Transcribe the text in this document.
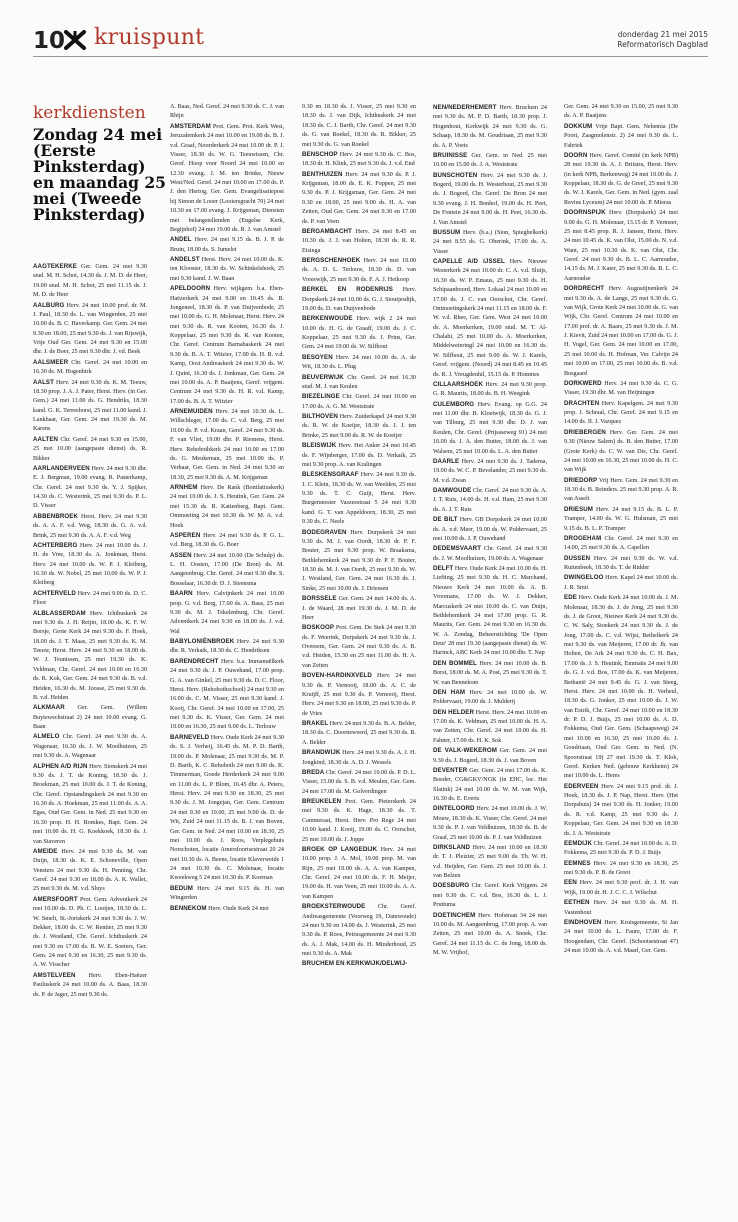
10 kruispunt	donderdag 21 mei 2015
Reformatorisch Dagblad
kerkdiensten
Zondag 24 mei (Eerste Pinksterdag) en maandag 25 mei (Tweede Pinksterdag)

AAGTEKERKE Ger. Gem. 24 mei 9.30 stud. M. H. Schot, 14.30 ds. J. M. D. de Heer, 19.00 stud. M. H. Schot, 25 mei 11.15 ds. J. M. D. de Heer

AALBURG Herv. 24 mei 10.00 prof. dr. M. J. Paul, 18.30 ds. L. van Wingerden, 25 mei 10.00 ds. B. C. Haverkamp. Ger. Gem. 24 mei 9.30 en 18.00, 25 mei 9.30 ds. J. van Rijswijk, Vrije Oud Ger. Gem. 24 mei 9.30 en 15.00 dhr. J. de Boer, 25 mei 9.30 dhr. J. vd. Beek

AALSMEER Chr. Geref. 24 mei 10.00 en 16.30 ds. M. Hogenbirk

AALST Herv. 24 mei 9.30 ds. K. M. Teeuw, 18.30 prop. J. A. J. Pater, Herst. Herv. (in Ger. Gem.) 24 mei 11.00 ds. G. Hendriks, 18.30 kand. G. K. Terreehorst, 25 mei 11.00 kand. J. Lankhaar, Ger. Gem. 24 mei 19.30 ds. M. Karens

AALTEN Chr. Geref. 24 mei 9.30 en 15.00, 25 mei 10.00 (aangepaste dienst) ds. R. Bikker

AARLANDERVEEN Herv. 24 mei 9.30 dhr. E. J. Bergman, 19.00 evang. R. Pasterkamp, Chr. Geref. 24 mei 9.30 ds. Y. J. Spijker, 14.30 ds. C. Westerink, 25 mei 9.30 ds. P. L. D. Visser

ABBENBROEK Herst. Herv. 24 mei 9.30 ds. A. A. F. v.d. Weg, 18.30 ds. G. A. v.d. Brink, 25 mei 9.30 ds. A. A. F. v.d. Weg

ACHTERBERG Herv. 24 mei 10.00 ds. J. H. de Vree, 18.30 ds. A. Jonkman, Herst. Herv. 24 mei 10.00 ds. W. P. J. Kleiberg, 16.30 ds. W. Nobel, 25 mei 10.00 ds. W. P. J. Kleiberg

ACHTERVELD Herv. 24 mei 9.00 ds. D. C. Floor

ALBLASSERDAM Herv. Ichthuskerk 24 mei 9.30 ds. J. H. Reijm, 18.00 ds. K. F. W. Borsje, Grote Kerk 24 mei 9.30 ds. F. Hoek, 18.00 ds. J. T. Maas, 25 mei 9.30 ds. K. M. Teeuw, Herst. Herv. 24 mei 9.30 en 18.00 ds. W. J. Teunissen, 25 mei 19.30 ds. K. Veldman, Chr. Geref. 24 mei 10.00 en 16.30 ds. R. Kok, Ger. Gem. 24 mei 9.30 ds. B. v.d. Heiden, 16.30 ds. M. Joosse, 25 mei 9.30 ds. B. v.d. Heiden

ALKMAAR Ger. Gem. (Willem Buytewechstraat 2) 24 mei 10.00 evang. G. Baan

ALMELO Chr. Geref. 24 mei 9.30 ds. A. Wagenaar, 16.30 ds. J. W. Moolhuizen, 25 mei 9.30 ds. A. Wagenaar

ALPHEN A/D RIJN Herv. Sionskerk 24 mei 9.30 ds. J. T. de Koning, 18.30 ds. J. Broekman, 25 mei 10.00 ds. J. T. de Koning, Chr. Geref. Opstandingskerk 24 mei 9.30 en 16.30 ds. A. Hoekman, 25 mei 11.00 ds. A. A. Egas, Oud Ger. Gem. in Ned. 25 mei 9.30 en 16.30 prop. H. H. Romkes, Bapt. Gem. 24 mei 10.00 ds. H. G. Koekkoek, 18.30 ds. J. van Staveren

AMEIDE Herv. 24 mei 9.30 ds. M. van Duijn, 18.30 ds. K. E. Schoneville, Open Vensters 24 mei 9.30 ds. H. Penning, Chr. Geref. 24 mei 9.30 en 18.00 ds. A. K. Wallet, 25 mei 9.30 ds. M. v.d. Sluys

AMERSFOORT Prot. Gem. Adventkerk 24 mei 10.00 ds. D. Ph. C. Looijen, 18.30 ds. L. W. Smelt, St.-Joriskerk 24 mei 9.30 ds. J. W. Dekker, 18.00 ds. C. W. Rentier, 25 mei 9.30 ds. J. Westland, Chr. Geref. Ichthuskerk 24 mei 9.30 en 17.00 ds. R. W. E. Soeters, Ger. Gem. 24 mei 9.30 en 16.30, 25 mei 9.30 ds. A. W. Visscher

AMSTELVEEN Herv. Eben-Haëzer Pauluskerk 24 mei 10.00 ds. A. Baas, 18.30 ds. P. de Jager, 25 mei 9.30 ds.

A. Baas, Ned. Geref. 24 mei 9.30 ds. C. J. van Rhijn

AMSTERDAM Prot. Gem. Prot. Kerk West, Jeruzalemkerk 24 mei 10.00 en 19.00 ds. B. J. v.d. Graaf, Noorderkerk 24 mei 10.00 dr. P. J. Visser, 18.30 ds. W. G. Teeuwissen, Chr. Geref. Hoop voor Noord 24 mei 10.00 en 12.30 evang. J. M. ten Brinke, Nieuw West/Ned. Geref. 24 mei 10.00 en 17.00 ds. P. J. den Hertog, Ger. Gem. Evangelisatiepost bij Simon de Looer (Looiersgracht 70) 24 mei 10.30 en 17.00 evang. J. Krijgsman, Diensten met belangstellenden (Engelse Kerk, Begijnhof) 24 mei 19.00 ds. R. J. van Amstel

ANDEL Herv. 24 mei 9.15 ds. B. J. P. de Bruin, 18.00 ds. S. Jumelet

ANDELST Herst. Herv. 24 mei 10.00 ds. K. ten Klooster, 18.30 ds. W. Schinkelshoek, 25 mei 9.30 kand. J. W. Baan

APELDOORN Herv. wijkgem. b.a. Eben-Haëzerkerk 24 mei 9.00 en 10.45 ds. B. Jongeneel, 18.30 ds. P. van Duijvenbode, 25 mei 10.00 ds. G. H. Molenaar, Herst. Herv. 24 mei 9.30 ds. R. van Kooten, 16.30 ds. J. Koppelaar, 25 mei 9.30 ds. R. van Kooten, Chr. Geref. Centrum Barnabaskerk 24 mei 9.30 ds. B. A. T. Witzier, 17.00 ds. H. R. v.d. Kamp, Oost Andreaskerk 24 mei 9.30 ds. W. J. Quint, 16.30 ds. J. Jonkman, Ger. Gem. 24 mei 10.00 ds. A. P. Baaijens, Geref. vrijgem. Centrum 24 mei 9.30 ds. H. R. v.d. Kamp, 17.00 ds. B. A. T. Witzier

ARNEMUIDEN Herv. 24 mei 10.30 ds. L. Willschleger, 17.00 ds. C. v.d. Berg, 25 mei 10.00 ds. P. v.d. Kraan, Geref. 24 mei 9.30 ds. F. van Vliet, 19.00 dhr. P. Riemens, Herst. Herv. Rehobothkerk 24 mei 10.00 en 17.00 ds. G. Meukeman, 25 mei 10.00 ds. P. Verhaar, Ger. Gem. in Ned. 24 mei 9.30 en 18.30, 25 mei 9.30 ds. A. M. Krijgsman

ARNHEM Herv. De Rank (Bonifatiuskerk) 24 mei 10.00 ds. J. S. Heutink, Ger. Gem. 24 mei 15.30 ds. R. Kattenberg, Bapt. Gem. Ontmoeting 24 mei 10.30 ds. W. M. A. v.d. Hoek

ASPEREN Herv. 24 mei 9.30 ds. P. G. L. v.d. Berg, 18.30 ds. G. Boer

ASSEN Herv. 24 mei 10.00 (De Schulp) ds. L. H. Oosten, 17.00 (De Bron) ds. M. Aangeenbrug, Chr. Geref. 24 mei 9.30 dhr. S. Bosselaar, 16.30 dr. D. J. Steensma

BAARN Herv. Calvijnkerk 24 mei 10.00 prop. G. v.d. Berg, 17.00 ds. A. Baas, 25 mei 9.30 ds. M. J. Tekelenburg, Chr. Geref. Adventkerk 24 mei 9.30 en 18.00 ds. J. v.d. Wal

BABYLONIËNBROEK Herv. 24 mei 9.30 dhr. R. Verkaik, 18.30 ds. C. Hendriksen

BARENDRECHT Herv. b.a. Immanuëlkerk 24 mei 9.30 ds. J. P. Ouwehand, 17.00 prop. G. A. van Ginkel, 25 mei 9.30 ds. D. C. Floor, Herst. Herv. (Rehobothschool) 24 mei 9.30 en 16.00 ds. C. M. Visser, 25 mei 9.30 kand. J. Kooij, Chr. Geref. 24 mei 10.00 en 17.00, 25 mei 9.30 ds. K. Visser, Ger. Gem. 24 mei 10.00 en 16.30, 25 mei 9.00 ds. L. Terlouw

BARNEVELD Herv. Oude Kerk 24 mei 9.30 ds. S. J. Verheij, 16.45 ds. M. P. D. Barth, 19.00 ds. P. Molenaar, 25 mei 9.30 ds. M. P. D. Barth, K. C. Rehoboth 24 mei 9.00 ds. K. Timmerman, Goede Herderkerk 24 mei 9.00 en 11.00 ds. L. P. Blom, 16.45 dhr. A. Peters, Herst. Herv. 24 mei 9.30 en 18.30, 25 mei 9.30 ds. J. M. Jongejan, Ger. Gem. Centrum 24 mei 9.30 en 19.00, 25 mei 9.00 ds. D. de Wit, Zuid 24 mei 11.15 ds. B. J. van Boven, Ger. Gem. in Ned. 24 mei 10.00 en 18.30, 25 mei 10.00 ds. J. Roos, Verplegehuis Norschoten, locatie Amersfoortsestraat 20 24 mei 10.30 ds. A. Beens, locatie Klaverweide 1 24 mei 10.30 ds. C. Molenaar, locatie Kweekweg 5 24 mei 10.30 ds. P. Koeman

BEDUM Herv. 24 mei 9.15 ds. H. van Wingerden

BENNEKOM Herv. Oude Kerk 24 mei

9.30 en 18.30 ds. J. Visser, 25 mei 9.30 en 18.30 ds. J. van Dijk, Ichthuskerk 24 mei 18.30 ds. C. J. Barth, Chr. Geref. 24 mei 9.30 ds. G. van Roekel, 18.30 ds. R. Bikker, 25 mei 9.30 ds. G. van Roekel

BENSCHOP Herv. 24 mei 9.30 ds. C. Bos, 18.30 dr. H. Klink, 25 mei 9.30 ds. J. v.d. End

BENTHUIZEN Herv. 24 mei 9.30 ds. P. J. Krijgsman, 18.00 ds. E. K. Foppen, 25 mei 9.30 ds. P. J. Krijgsman, Ger. Gem. 24 mei 9.30 en 18.00, 25 mei 9.00 ds. H. A. van Zetten, Oud Ger. Gem. 24 mei 9.30 en 17.00 ds. P. van Veen

BERGAMBACHT Herv. 24 mei 8.45 en 10.30 ds. J. J. van Holten, 18.30 ds. R. R. Eisinga

BERGSCHENHOEK Herv. 24 mei 10.00 ds. A. D. L. Terlouw, 18.30 ds. D. van Vreeswijk, 25 mei 9.30 ds. F. A. J. Heikoop

BERKEL EN RODENRIJS Herv. Dorpskerk 24 mei 10.00 ds. G. J. Stoutjesdijk, 19.00 ds. D. van Duijvenbode

BERKENWOUDE Herv. wijk 2 24 mei 10.00 ds. H. G. de Graaff, 19.00 ds. J. C. Koppelaar, 25 mei 9.30 ds. J. Prins, Ger. Gem. 24 mei 19.00 ds. W. Silfhout

BESOYEN Herv. 24 mei 10.00 ds. A. de Wit, 18.30 ds. L. Plug

BEUVERWIJK Chr. Geref. 24 mei 16.30 stud. M. J. van Keulen

BIEZELINGE Chr. Geref. 24 mei 10.00 en 17.00 ds. A. G. M. Weststrate

BILTHOVEN Herv. Zuiderkapel 24 mei 9.30 ds. R. W. de Koeijer, 18.30 ds. J. J. ten Brinke, 25 mei 9.00 ds. R. W. de Koeijer

BLEISWIJK Herv. Het Anker 24 mei 10.45 ds. F. Wijnberger, 17.00 ds. D. Verkaik, 25 mei 9.30 prop. A. van Kralingen

BLESKENSGRAAF Herv. 24 mei 9.30 ds. J. C. Klein, 18.30 ds. W. van Weelden, 25 mei 9.30 ds. T. C. Guijt, Herst. Herv. Burgemeester Vaszeestraat 5 24 mei 9.30 kand. G. T. van Appeldoorn, 18.30, 25 mei 9.30 ds. C. Neele

BODEGRAVEN Herv. Dorpskerk 24 mei 9.30 ds. M. J. van Oordt, 18.30 dr. P. F. Bouter, 25 mei 9.30 prop. W. Braaksma, Bethlehemkerk 24 mei 9.30 dr. P. F. Bouter, 18.30 ds. M. J. van Oordt, 25 mei 9.30 ds. W. J. Westland, Ger. Gem. 24 mei 16.30 ds. J. Sinke, 25 mei 10.00 ds. J. Driessen

BORSSELE Ger. Gem. 24 mei 14.00 ds. A. J. de Waard, 28 mei 19.30 ds. J. M. D. de Heer

BOSKOOP Prot. Gem. De Stek 24 mei 9.30 ds. F. Weerink, Dorpskerk 24 mei 9.30 ds. J. Overeem, Ger. Gem. 24 mei 9.30 ds. A. B. v.d. Heiden, 15.30 en 25 mei 11.00 ds. H. A. van Zetten

BOVEN-HARDINXVELD Herv. 24 mei 9.30 ds. P. Vernooij, 18.00 ds. A. C. de Kruijff, 25 mei 9.30 ds. P. Vernooij, Herst. Herv. 24 mei 9.30 en 18.00, 25 mei 9.30 ds. P. de Vries

BRAKEL Herv. 24 mei 9.30 ds. B. A. Belder, 18.30 ds. C. Doorneweerd, 25 mei 9.30 ds. B. A. Belder

BRANDWIJK Herv. 24 mei 9.30 ds. A. J. H. Jongkind, 18.30 ds. A. D. J. Wessels

BREDA Chr. Geref. 24 mei 10.00 ds. P. D. L. Visser, 15.00 ds. S. B. v.d. Meulen, Ger. Gem. 24 mei 17.00 ds. M. Golverdingen

BREUKELEN Prot. Gem. Pieterskerk 24 mei 9.30 ds. K. Hage, 18.30 ds. T. Cammeraat, Herst. Herv. Pro Rege 24 mei 10.00 kand. J. Kooij, 19.00 ds. C. Oorschot, 25 mei 10.00 ds. J. Joppe

BROEK OP LANGEDIJK Herv. 24 mei 10.00 prop. J. A. Mol, 19.00 prop. M. van Rijn, 25 mei 10.00 ds. A. A. van Kampen, Chr. Geref. 24 mei 10.00 ds. F. H. Meijer, 19.00 ds. H. van Veen, 25 mei 10.00 ds. A. A. van Kampen

BROEKSTERWOUDE Chr. Geref. Andreasgemeente (Voorweg 19, Damwoude) 24 mei 9.30 en 14.00 ds. J. Westerink, 25 mei 9.30 ds. P. Roos, Petrusgemeente 24 mei 9.30 ds. A. J. Mak, 14.00 ds. H. Minderhoud, 25 mei 9.30 ds. A. Mak

BRUCHEM EN KERKWIJK/DELWIJ-

NEN/NEDERHEMERT Herv. Bruchem 24 mei 9.30 ds. M. P. D. Barth, 18.30 prop. J. Hogenhout, Kerkwijk 24 mei 9.30 ds. G. Schaap, 18.30 ds. M. Goudriaan, 25 mei 9.30 ds. A. P. Voets

BRUINISSE Ger. Gem. in Ned. 25 mei 10.00 en 15.00 ds. J. A. Weststrate

BUNSCHOTEN Herv. 24 mei 9.30 ds. J. Bogerd, 19.00 ds. H. Westerhout, 25 mei 9.30 ds. J. Bogerd, Chr. Geref. De Bron 24 mei 9.30 evang. J. H. Bonhof, 19.00 ds. H. Peet, De Fontein 24 mei 9.00 ds. H. Peet, 16.30 ds. J. Van Amstel

BUSSUM Herv. (b.a.) (Sion, Spieghelkerk) 24 mei 8.55 ds. G. Oberink, 17.00 ds. A. Visser

CAPELLE A/D IJSSEL Herv. Nieuwe Westerkerk 24 mei 10.00 dr. C. A. v.d. Sluijs, 16.30 ds. W. P. Emaus, 25 mei 9.30 ds. H. Schipaanboord, Herv. Lokaal 24 mei 10.00 en 17.00 ds. J. C. van Oorschot, Chr. Geref. Ontmoetingskerk 24 mei 11.15 en 18.00 ds. F. W. v.d. Rhee, Ger. Gem. West 24 mei 10.00 ds. A. Moerkerken, 19.00 stud. M. T. Al-Chalabi, 25 mei 10.00 ds. A. Moerkerken, Middelweteringl 24 mei 10.00 en 16.30 ds. W. Silfhout, 25 mei 9.00 ds. W. J. Karels, Geref. vrijgem. (Noord) 24 mei 8.45 en 10.45 ds. R. J. Vreugdenhil, 15.15 ds. P. Hommes

CILLAARSHOEK Herv. 24 mei 9.30 prop. G. R. Maurits, 18.00 ds. B. H. Weegink

CULEMBORG Herv. Evang. op G.G. 24 mei 11.00 dhr. B. Kloetwijk, 18.30 ds. G. J. van Tilburg, 25 mei 9.30 dhr. D. J. van Keulen, Chr. Geref. (Prijssseweg 91) 24 mei 10.00 ds. J. A. den Butter, 18.00 ds. J. van Walsem, 25 mei 10.00 ds. L. A. den Butter

DAARLE Herv. 24 mei 9.30 ds. J. Tadema, 19.00 ds. W. C. P. Bevelander, 25 mei 9.30 ds. M. v.d. Zwan

DAMWOUDE Chr. Geref. 24 mei 9.30 ds. A. J. T. Ruis, 14.00 ds. H. v.d. Ham, 25 mei 9.30 ds. A. J. T. Ruis

DE BILT Herv. GB Dorpskerk 24 mei 10.00 ds. A. v.d. Meer, 19.00 ds. W. Poldervaart, 25 mei 10.00 ds. J. P. Ouwehand

DEDEMSVAART Chr. Geref. 24 mei 9.30 ds. J. W. Moolhuizen, 19.00 ds. A. Wagenaar

DELFT Herv. Oude Kerk 24 mei 10.00 ds. H. Liefting, 25 mei 9.30 ds. H. C. Marchand, Nieuwe Kerk 24 mei 10.00 ds. A. B. Vroomans, 17.00 ds. W. J. Dekker, Marcuskerk 24 mei 10.00 ds. C. van Duijn, Bethlehemkerk 24 mei 17.00 prop. G. R. Maurits, Ger. Gem. 24 mei 9.30 en 16.30 ds. W. A. Zondag, Beheerstichting 'De Open Deur' 28 mei 19.30 (aangepaste dienst) ds. W. Harinck, ABC Kerk 24 mei 10.00 dhr. T. Nap

DEN BOMMEL Herv. 24 mei 10.00 ds. B. Borst, 18.00 ds. M. A. Post, 25 mei 9.30 ds. T. W. van Bennekom

DEN HAM Herv. 24 mei 10.00 ds. W. Poldervaart, 19.00 ds. J. Mulderij

DEN HELDER Herst. Herv. 24 mei 10.00 en 17.00 ds. K. Veldman, 25 mei 10.00 ds. H. A. van Zetten, Chr. Geref. 24 mei 10.00 ds. H. Fahner, 17.00 ds. H. K. Sok

DE VALK-WEKEROM Ger. Gem. 24 mei 9.30 ds. J. Bogerd, 18.30 ds. J. van Boven

DEVENTER Ger. Gem. 24 mei 17.00 ds. K. Boeder, CG&GKV/NGK (in EHC, loc. Het Slatink) 24 mei 10.00 ds. W. M. van Wijk, 16.30 ds. E. Everts

DINTELOORD Herv. 24 mei 10.00 ds. J. W. Mouw, 18.30 ds. K. Visser, Chr. Geref. 24 mei 9.30 ds. P. J. van Veldhuizen, 18.30 ds. B. de Graaf, 25 mei 10.00 ds. P. J. van Veldhuizen

DIRKSLAND Herv. 24 mei 10.00 en 18.30 dr. T. J. Pleizier, 25 mei 9.00 ds. Th. W. H. v.d. Heijden, Ger. Gem. 25 mei 10.00 ds. J. van Belzen

DOESBURG Chr. Geref. Kerk Vrijgem. 24 mei 9.30 ds. C. v.d. Bos, 16.30 ds. L. J. Pruttuma

DOETINCHEM Herv. Hofstraat 34 24 mei 10.00 ds. M. Aangeenbrug, 17.00 prop. A. van Zetten, 25 mei 10.00 ds. A. Snoek, Chr. Geref. 24 mei 11.15 ds. C. de Jong, 18.00 ds. M. W. Vrijhof,

Ger. Gem. 24 mei 9.30 en 15.00, 25 mei 9.30 ds. A. P. Baaijens

DOKKUM Vrije Bapt. Gem. Nehemia (De Poort, Zaagmolenstr. 2) 24 mei 9.30 ds. L. Fabriek

DOORN Herv. Geref. Comité (in kerk NPB) 28 mei 19.30 ds. A. J. Britstra, Herst. Herv. (in kerk NPB, Berkenweg) 24 mei 10.00 ds. J. Koppelaar, 18.30 ds. G. de Greef, 25 mei 9.30 ds. W. J. Karels, Ger. Gem. in Ned. (gym. zaal Revius Lyceum) 24 mei 10.00 ds. P. Mieras

DOORNSPIJK Herv. (Dorpskerk) 24 mei 9.00 ds. G. H. Molenaar, 13.15 dr. P. Vermeer, 25 mei 8.45 prop. R. J. Jansen, Herst. Herv. 24 mei 10.45 ds. K. van Olst, 15.00 ds. N. v.d. Want, 25 mei 10.30 ds. K. van Olst, Chr. Geref. 24 mei 9.30 ds. B. L. C. Aarnoudse, 14.15 ds. M. J. Kater, 25 mei 9.30 ds. B. L. C. Aarnoudse

DORDRECHT Herv. Augustijnenkerk 24 mei 9.30 ds. A. de Lange, 25 mei 9.30 ds. G. van Wijk, Grote Kerk 24 mei 10.00 ds. G. van Wijk, Chr. Geref. Centrum 24 mei 10.00 en 17.00 prof. dr. A. Baars, 25 mei 9.30 ds. J. M. J. Kievit, Zuid 24 mei 10.00 en 17.00 ds. G. J. H. Vogel, Ger. Gem. 24 mei 10.00 en 17.00, 25 mei 10.00 ds. H. Hofman, Ver. Calvijn 24 mei 10.00 en 17.00, 25 mei 10.00 ds. B. v.d. Bosgaard

DORKWERD Herv. 24 mei 9.30 ds. C. G. Visser, 19.30 dhr. M. van Heijningen

DRACHTEN Herv. Kapelgem. 24 mei 9.30 prop. J. Schraal, Chr. Geref. 24 mei 9.15 en 14.00 ds. II. J. Vazquez

DRIEBERGEN Herv. Ger. Gem. 24 mei 9.30 (Nieuw Salem) ds. B. den Butter, 17.00 (Grote Kerk) ds. C. W. van Dis, Chr. Geref. 24 mei 10.00 en 16.30, 25 mei 10.00 ds. H. C. van Wijk

DRIEDORP Vrij Herv. Gem. 24 mei 9.30 en 18.30 ds. B. Reinders. 25 mei 9.30 prop. A. R. van Asselt

DRIESUM Herv. 24 mei 9.15 ds. B. L. P. Tramper, 14.00 ds. W. G. Hulsman, 25 mei 9.15 ds. B. L. P. Tramper

DROGEHAM Chr. Geref. 24 mei 9.30 en 14.00, 25 mei 9.30 ds. A. Capellen

DUSSEN Herv. 24 mei 9.30 ds. W. v.d. Ruitenbeek, 18.30 ds. T. de Ridder

DWINGELOO Herv. Kapel 24 mei 10.00 ds. J. R. Smit

EDE Herv. Oude Kerk 24 mei 10.00 ds. J. M. Molenaar, 18.30 ds. J. de Jong, 25 mei 9.30 ds. J. de Groot, Nieuwe Kerk 24 mei 9.30 ds. C. W. Saly, Stoekerk 24 mei 9.30 ds. J. de Jong, 17.00 ds. C. v.d. Wijst, Bethelkerk 24 mei 9.30 ds. van Meijeren, 17.00 dr. Jh. van Holten, De Ark 24 mei 9.30 ds. C. H. Bax, 17.00 ds. J. S. Heutink, Emmaüs 24 mei 9.00 ds. G. J. v.d. Bos, 17.00 ds. K. van Meijeren, Bethanië 24 mei 9.45 ds. G. J. van Steeg, Herst. Herv. 24 mei 10.00 ds. H. Verheul, 18.30 ds. G. Jonker, 25 mei 10.00 ds. J. W. van Estrik, Chr. Geref. 24 mei 10.00 en 18.30 dr. P. D. J. Buijs, 25 mei 10.00 ds. A. D. Fokkema, Oud Ger. Gem. (Schaapsweg) 24 mei 10.00 en 16.30, 25 mei 10.00 ds. J. Goudriaan, Oud Ger. Gem. in Ned. (N. Spoorstraat 19) 27 mei 19.30 ds. T. Klok, Geref. Kerken Ned. (gebouw Kerkheim) 24 mei 10.00 ds. L. Heres

EDERVEEN Herv. 24 mei 9.15 prof. dr. J. Hoek, 18.30 ds. J. P. Nap, Herst. Herv. (Het Dorpshuis) 24 mei 9.30 ds. H. Jonker, 19.00 ds. R. v.d. Kamp, 25 mei 9.30 ds. J. Koppelaar, Ger. Gem. 24 mei 9.30 en 18.30 ds. J. A. Weststrate

EEMDIJK Chr. Geref. 24 mei 10.00 ds. A. D. Fokkema, 25 mei 9.30 ds. P. D. J. Buijs

EEMNES Herv. 24 mei 9.30 en 18.30, 25 mei 9.30 ds. P. B. de Groot

EEN Herv. 24 mei 9.30 prof. dr. J. H. van Wijk, 19.00 dr. H. J. C. C. J. Wilschut

EETHEN Herv. 24 mei 9.30 ds. M. H. Vastenhout

EINDHOVEN Herv. Kruisgemeente, St Jan 24 mei 10.00 ds. L. Faure, 17.00 dr. F. Hoogendam, Chr. Geref. (Schootsestraat 47) 24 mei 10.00 ds. A. v.d. Maarl, Ger. Gem.
